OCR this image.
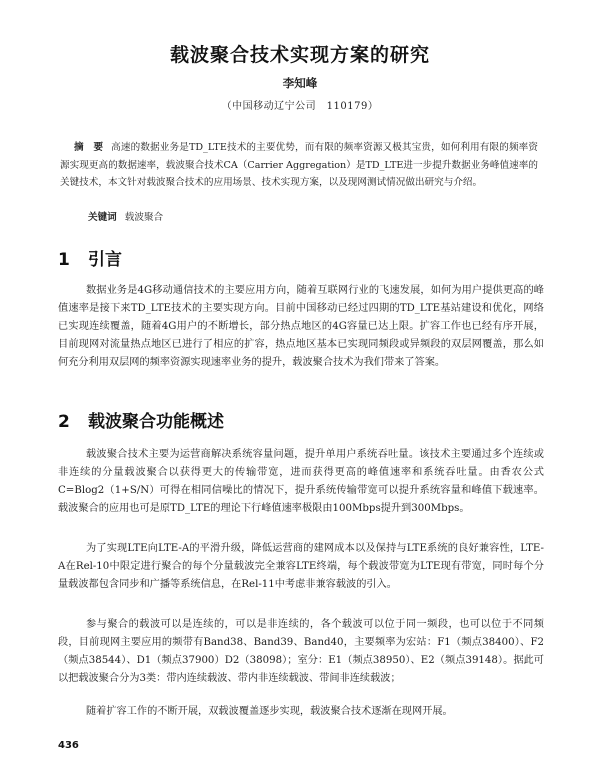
载波聚合技术实现方案的研究
李知峰
（中国移动辽宁公司　110179）
摘　要 高速的数据业务是TD_LTE技术的主要优势，而有限的频率资源又极其宝贵，如何利用有限的频率资源实现更高的数据速率，载波聚合技术CA（Carrier Aggregation）是TD_LTE进一步提升数据业务峰值速率的关键技术，本文针对载波聚合技术的应用场景、技术实现方案，以及现网测试情况做出研究与介绍。
关键词 载波聚合
1 引言
数据业务是4G移动通信技术的主要应用方向，随着互联网行业的飞速发展，如何为用户提供更高的峰值速率是接下来TD_LTE技术的主要实现方向。目前中国移动已经过四期的TD_LTE基站建设和优化，网络已实现连续覆盖，随着4G用户的不断增长，部分热点地区的4G容量已达上限。扩容工作也已经有序开展，目前现网对流量热点地区已进行了相应的扩容，热点地区基本已实现同频段或异频段的双层网覆盖，那么如何充分利用双层网的频率资源实现速率业务的提升，载波聚合技术为我们带来了答案。
2 载波聚合功能概述
载波聚合技术主要为运营商解决系统容量问题，提升单用户系统吞吐量。该技术主要通过多个连续或非连续的分量载波聚合以获得更大的传输带宽，进而获得更高的峰值速率和系统吞吐量。由香农公式C=Blog2（1+S/N）可得在相同信噪比的情况下，提升系统传输带宽可以提升系统容量和峰值下载速率。载波聚合的应用也可是原TD_LTE的理论下行峰值速率极限由100Mbps提升到300Mbps。
为了实现LTE向LTE-A的平滑升级，降低运营商的建网成本以及保持与LTE系统的良好兼容性，LTE-A在Rel-10中限定进行聚合的每个分量载波完全兼容LTE终端，每个载波带宽为LTE现有带宽，同时每个分量载波都包含同步和广播等系统信息，在Rel-11中考虑非兼容载波的引入。
参与聚合的载波可以是连续的，可以是非连续的，各个载波可以位于同一频段，也可以位于不同频段，目前现网主要应用的频带有Band38、Band39、Band40，主要频率为宏站：F1（频点38400）、F2（频点38544）、D1（频点37900）D2（38098）；室分：E1（频点38950）、E2（频点39148）。据此可以把载波聚合分为3类：带内连续载波、带内非连续载波、带间非连续载波；
随着扩容工作的不断开展，双载波覆盖逐步实现，载波聚合技术逐渐在现网开展。
436
